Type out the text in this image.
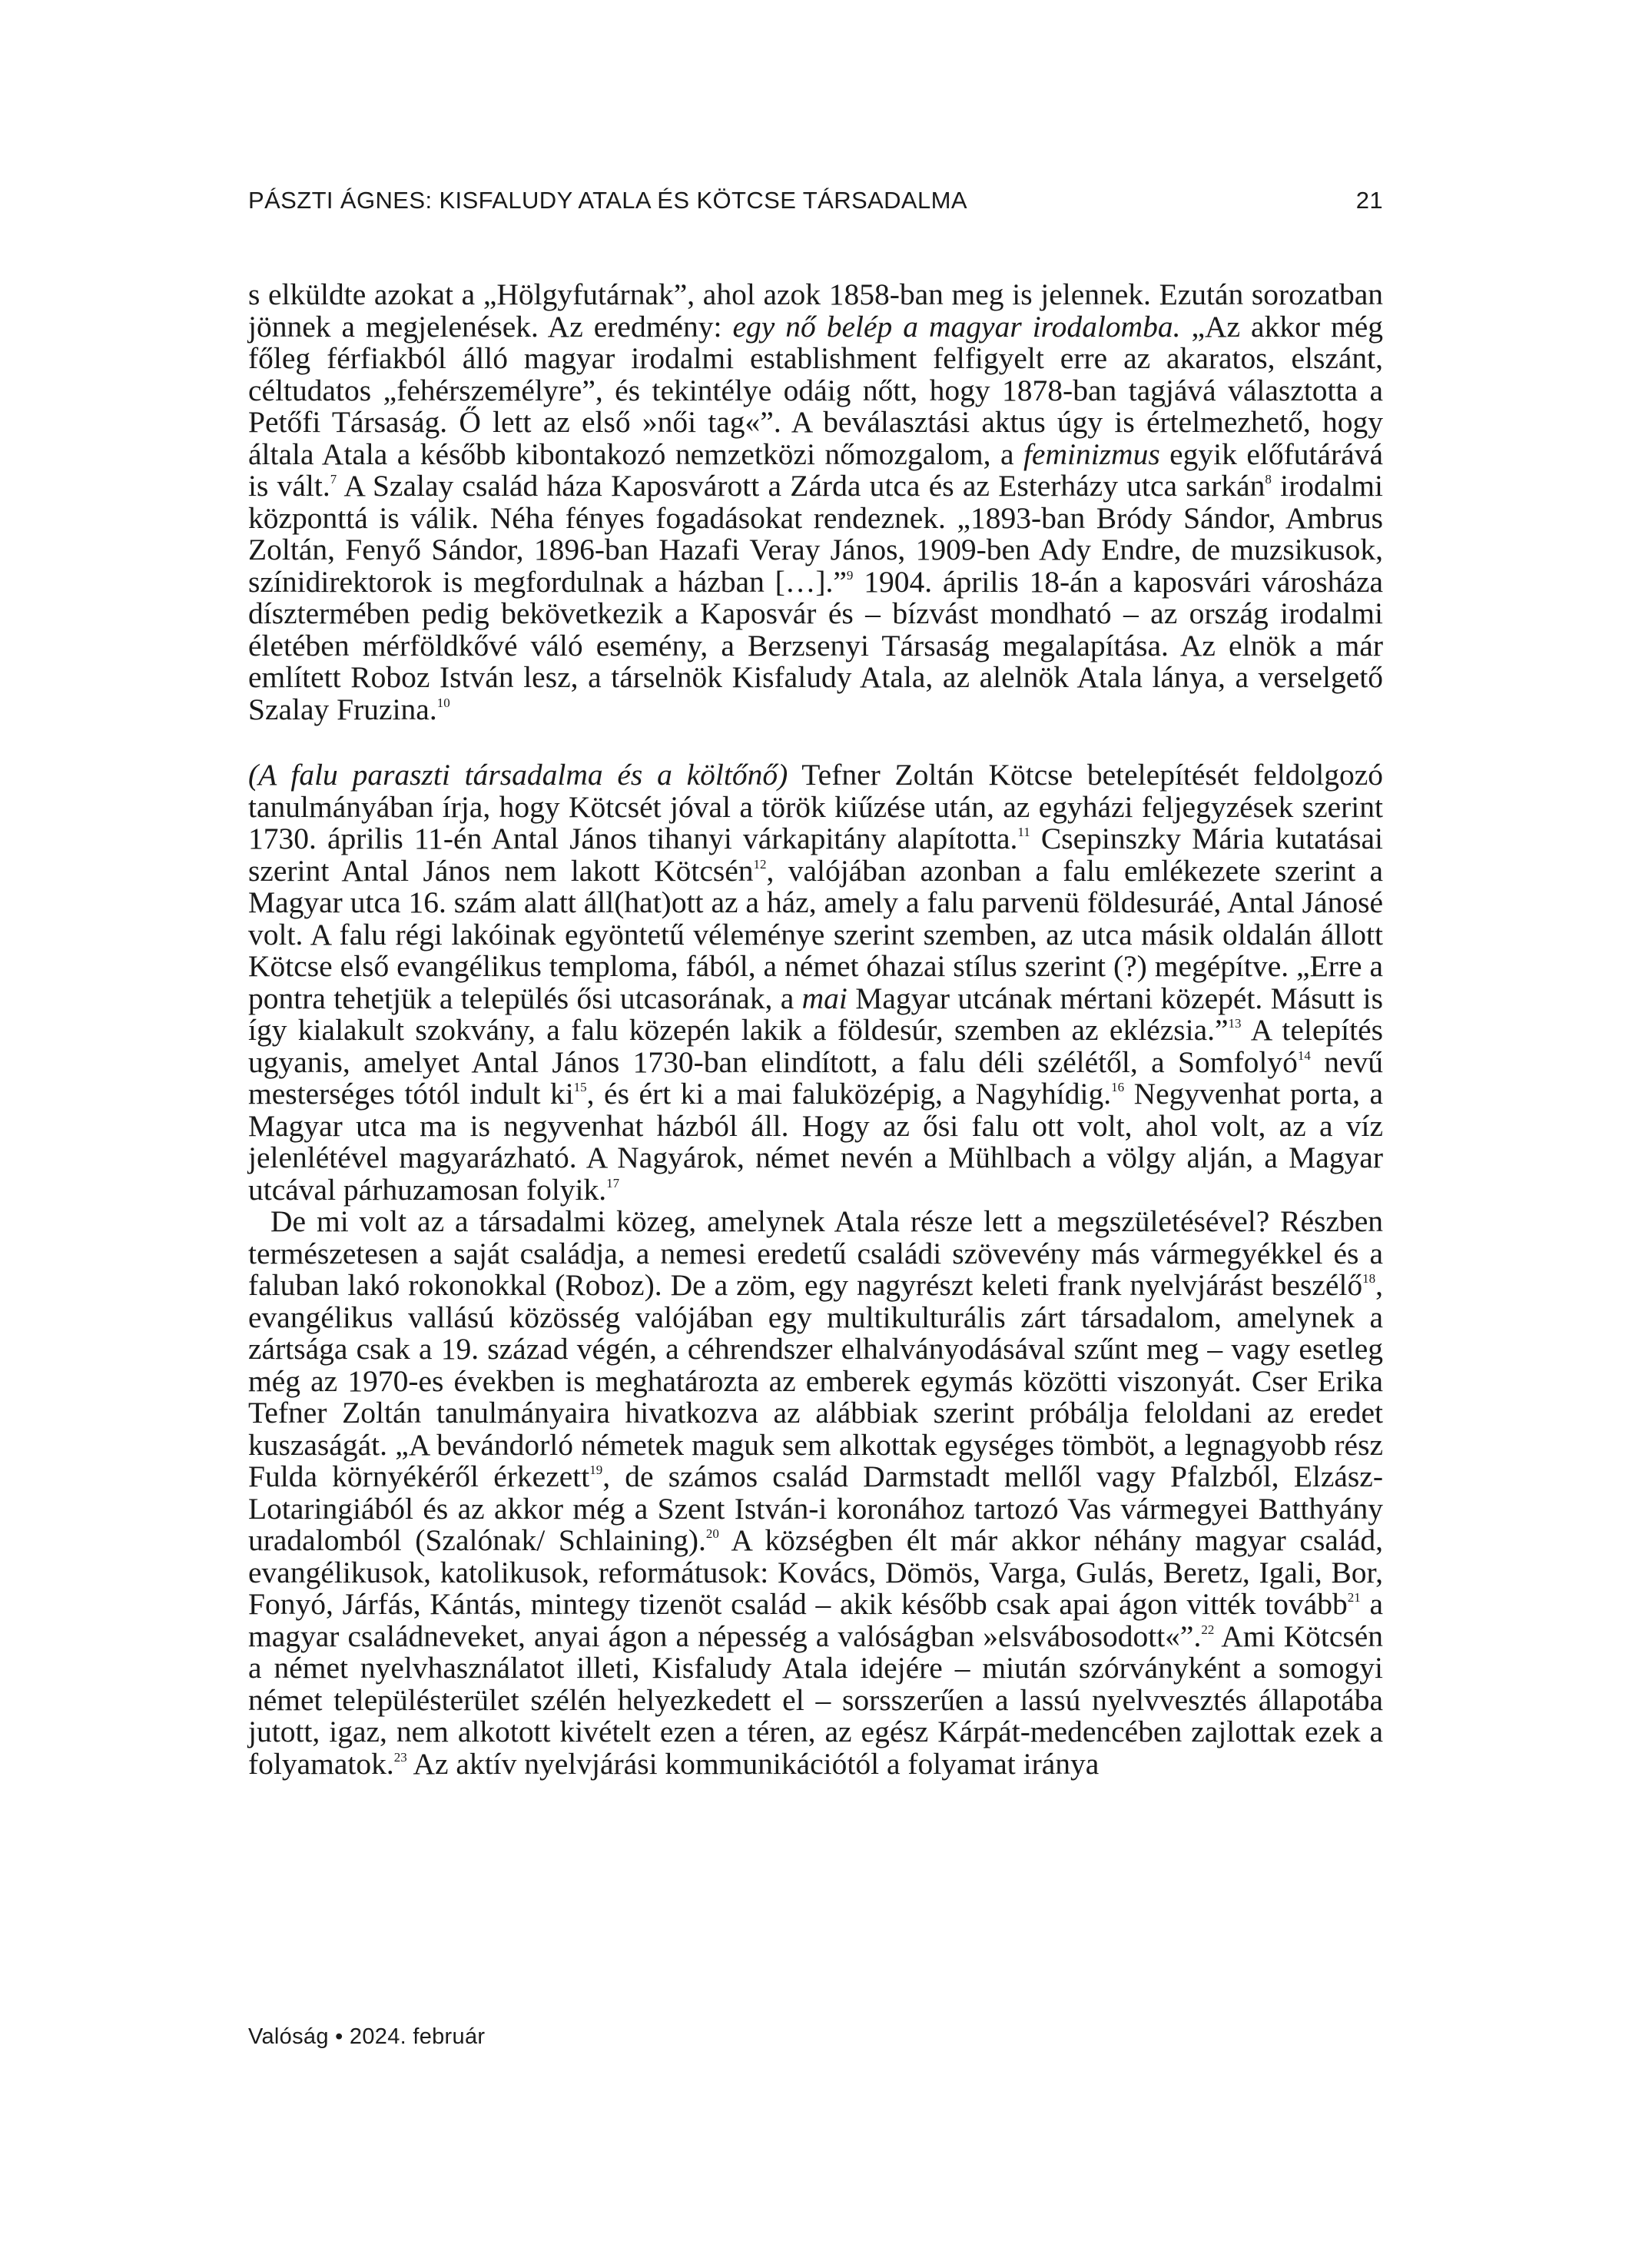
PÁSZTI ÁGNES: KISFALUDY ATALA ÉS KÖTCSE TÁRSADALMA	21

s elküldte azokat a „Hölgyfutárnak”, ahol azok 1858-ban meg is jelennek. Ezután sorozatban jönnek a megjelenések. Az eredmény: egy nő belép a magyar irodalomba. „Az akkor még főleg férfiakból álló magyar irodalmi establishment felfigyelt erre az akaratos, elszánt, céltudatos „fehérszemélyre”, és tekintélye odáig nőtt, hogy 1878-ban tagjává választotta a Petőfi Társaság. Ő lett az első »női tag«”. A beválasztási aktus úgy is értelmezhető, hogy általa Atala a később kibontakozó nemzetközi nőmozgalom, a feminizmus egyik előfutárává is vált.$^7$ A Szalay család háza Kaposvárott a Zárda utca és az Esterházy utca sarkán$^8$ irodalmi központtá is válik. Néha fényes fogadásokat rendeznek. „1893-ban Bródy Sándor, Ambrus Zoltán, Fenyő Sándor, 1896-ban Hazafi Veray János, 1909-ben Ady Endre, de muzsikusok, színidirektorok is megfordulnak a házban […].”$^9$ 1904. április 18-án a kaposvári városháza dísztermében pedig bekövetkezik a Kaposvár és – bízvást mondható – az ország irodalmi életében mérföldkővé váló esemény, a Berzsenyi Társaság megalapítása. Az elnök a már említett Roboz István lesz, a társelnök Kisfaludy Atala, az alelnök Atala lánya, a verselgető Szalay Fruzina.$^{10}$

(A falu paraszti társadalma és a költőnő) Tefner Zoltán Kötcse betelepítését feldolgozó tanulmányában írja, hogy Kötcsét jóval a török kiűzése után, az egyházi feljegyzések szerint 1730. április 11-én Antal János tihanyi várkapitány alapította.$^{11}$ Csepinszky Mária kutatásai szerint Antal János nem lakott Kötcsén$^{12}$, valójában azonban a falu emlékezete szerint a Magyar utca 16. szám alatt áll(hat)ott az a ház, amely a falu parvenü földesuráé, Antal Jánosé volt. A falu régi lakóinak egyöntetű véleménye szerint szemben, az utca másik oldalán állott Kötcse első evangélikus temploma, fából, a német óhazai stílus szerint (?) megépítve. „Erre a pontra tehetjük a település ősi utcasorának, a mai Magyar utcának mértani közepét. Másutt is így kialakult szokvány, a falu közepén lakik a földesúr, szemben az eklézsia.”$^{13}$ A telepítés ugyanis, amelyet Antal János 1730-ban elindított, a falu déli szélétől, a Somfolyó$^{14}$ nevű mesterséges tótól indult $ki^{15}$, és ért ki a mai faluközépig, a Nagyhídig.$^{16}$ Negyvenhat porta, a Magyar utca ma is negyvenhat házból áll. Hogy az ősi falu ott volt, ahol volt, az a víz jelenlétével magyarázható. A Nagyárok, német nevén a Mühlbach a völgy alján, a Magyar utcával párhuzamosan folyik.$^{17}$

De mi volt az a társadalmi közeg, amelynek Atala része lett a megszületésével? Részben természetesen a saját családja, a nemesi eredetű családi szövevény más vármegyékkel és a faluban lakó rokonokkal (Roboz). De a zöm, egy nagyrészt keleti frank nyelvjárást beszélő$^{18}$, evangélikus vallású közösség valójában egy multikulturális zárt társadalom, amelynek a zártsága csak a 19. század végén, a céhrendszer elhalványodásával szűnt meg – vagy esetleg még az 1970-es években is meghatározta az emberek egymás közötti viszonyát. Cser Erika Tefner Zoltán tanulmányaira hivatkozva az alábbiak szerint próbálja feloldani az eredet kuszaságát. „A bevándorló németek maguk sem alkottak egységes tömböt, a legnagyobb rész Fulda környékéről érkezett$^{19}$, de számos család Darmstadt mellől vagy Pfalzból, Elzász-Lotaringiából és az akkor még a Szent István-i koronához tartozó Vas vármegyei Batthyány uradalomból (Szalónak/ Schlaining).$^{20}$ A községben élt már akkor néhány magyar család, evangélikusok, katolikusok, reformátusok: Kovács, Dömös, Varga, Gulás, Beretz, Igali, Bor, Fonyó, Járfás, Kántás, mintegy tizenöt család – akik később csak apai ágon vitték tovább$^{21}$ a magyar családneveket, anyai ágon a népesség a valóságban »elsvábosodott«”.$^{22}$ Ami Kötcsén a német nyelvhasználatot illeti, Kisfaludy Atala idejére – miután szórványként a somogyi német településterület szélén helyezkedett el – sorsszerűen a lassú nyelvvesztés állapotába jutott, igaz, nem alkotott kivételt ezen a téren, az egész Kárpát-medencében zajlottak ezek a folyamatok.$^{23}$ Az aktív nyelvjárási kommunikációtól a folyamat iránya

Valóság • 2024. február
